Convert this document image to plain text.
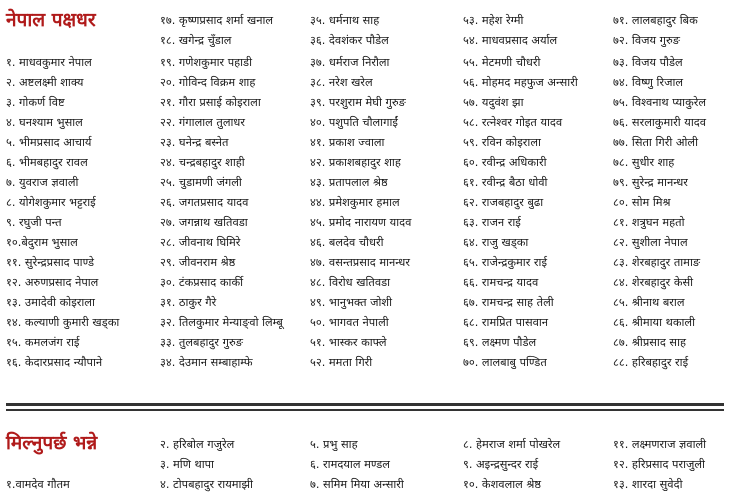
नेपाल पक्षधर
१. माधवकुमार नेपाल
२. अष्टलक्ष्मी शाक्य
३. गोकर्ण विष्ट
४. घनश्याम भुसाल
५. भीमप्रसाद आचार्य
६. भीमबहादुर रावल
७. युवराज ज्ञवाली
८. योगेशकुमार भट्टराई
९. रघुजी पन्त
१०.बेदुराम भुसाल
११. सुरेन्द्रप्रसाद पाण्डे
१२. अरुणप्रसाद नेपाल
१३. उमादेवी कोइराला
१४. कल्याणी कुमारी खड्का
१५. कमलजंग राई
१६. केदारप्रसाद न्यौपाने
१७. कृष्णप्रसाद शर्मा खनाल
१८. खगेन्द्र चुँडाल
१९. गणेशकुमार पहाडी
२०. गोविन्द विक्रम शाह
२१. गौरा प्रसाई कोइराला
२२. गंगालाल तुलाधर
२३. घनेन्द्र बस्नेत
२४. चन्द्रबहादुर शाही
२५. चुडामणी जंगली
२६. जगतप्रसाद यादव
२७. जगन्नाथ खतिवडा
२८. जीवनाथ घिमिरे
२९. जीवनराम श्रेष्ठ
३०. टंकप्रसाद कार्की
३१. ठाकुर गैरे
३२. तिलकुमार मेन्याङ्वो लिम्बू
३३. तुलबहादुर गुरुङ
३४. देउमान सम्बाहाम्फे
३५. धर्मनाथ साह
३६. देवशंकर पौडेल
३७. धर्मराज निरौला
३८. नरेश खरेल
३९. परशुराम मेघी गुरुङ
४०. पशुपति चौलागाईं
४१. प्रकाश ज्वाला
४२. प्रकाशबहादुर शाह
४३. प्रतापलाल श्रेष्ठ
४४. प्रमेशकुमार हमाल
४५. प्रमोद नारायण यादव
४६. बलदेव चौधरी
४७. वसन्तप्रसाद मानन्धर
४८. विरोध खतिवडा
४९. भानुभक्त जोशी
५०. भागवत नेपाली
५१. भास्कर काफ्ले
५२. ममता गिरी
५३. महेश रेग्मी
५४. माधवप्रसाद अर्याल
५५. मेटमणी चौधरी
५६. मोहमद महफुज अन्सारी
५७. यदुवंश झा
५८. रत्नेश्वर गोइत यादव
५९. रविन कोइराला
६०. रवीन्द्र अधिकारी
६१. रवीन्द्र बैठा धोवी
६२. राजबहादुर बुढा
६३. राजन राई
६४. राजु खड्का
६५. राजेन्द्रकुमार राई
६६. रामचन्द्र यादव
६७. रामचन्द्र साह तेली
६८. रामप्रित पासवान
६९. लक्ष्मण पौडेल
७०. लालबाबु पण्डित
७१. लालबहादुर बिक
७२. विजय गुरुङ
७३. विजय पौडेल
७४. विष्णु रिजाल
७५. विश्वनाथ प्याकुरेल
७६. सरलाकुमारी यादव
७७. सिता गिरी ओली
७८. सुधीर शाह
७९. सुरेन्द्र मानन्धर
८०. सोम मिश्र
८१. शत्रुघन महतो
८२. सुशीला नेपाल
८३. शेरबहादुर तामाङ
८४. शेरबहादुर केसी
८५. श्रीनाथ बराल
८६. श्रीमाया थकाली
८७. श्रीप्रसाद साह
८८. हरिबहादुर राई
मिल्नुपर्छ भन्ने
१.वामदेव गौतम
२. हरिबोल गजुरेल
३. मणि थापा
४. टोपबहादुर रायमाझी
५. प्रभु साह
६. रामदयाल मण्डल
७. समिम मिया अन्सारी
८. हेमराज शर्मा पोखरेल
९. अइन्द्रसुन्दर राई
१०. केशवलाल श्रेष्ठ
११. लक्ष्मणराज ज्ञवाली
१२. हरिप्रसाद पराजुली
१३. शारदा सुवेदी
